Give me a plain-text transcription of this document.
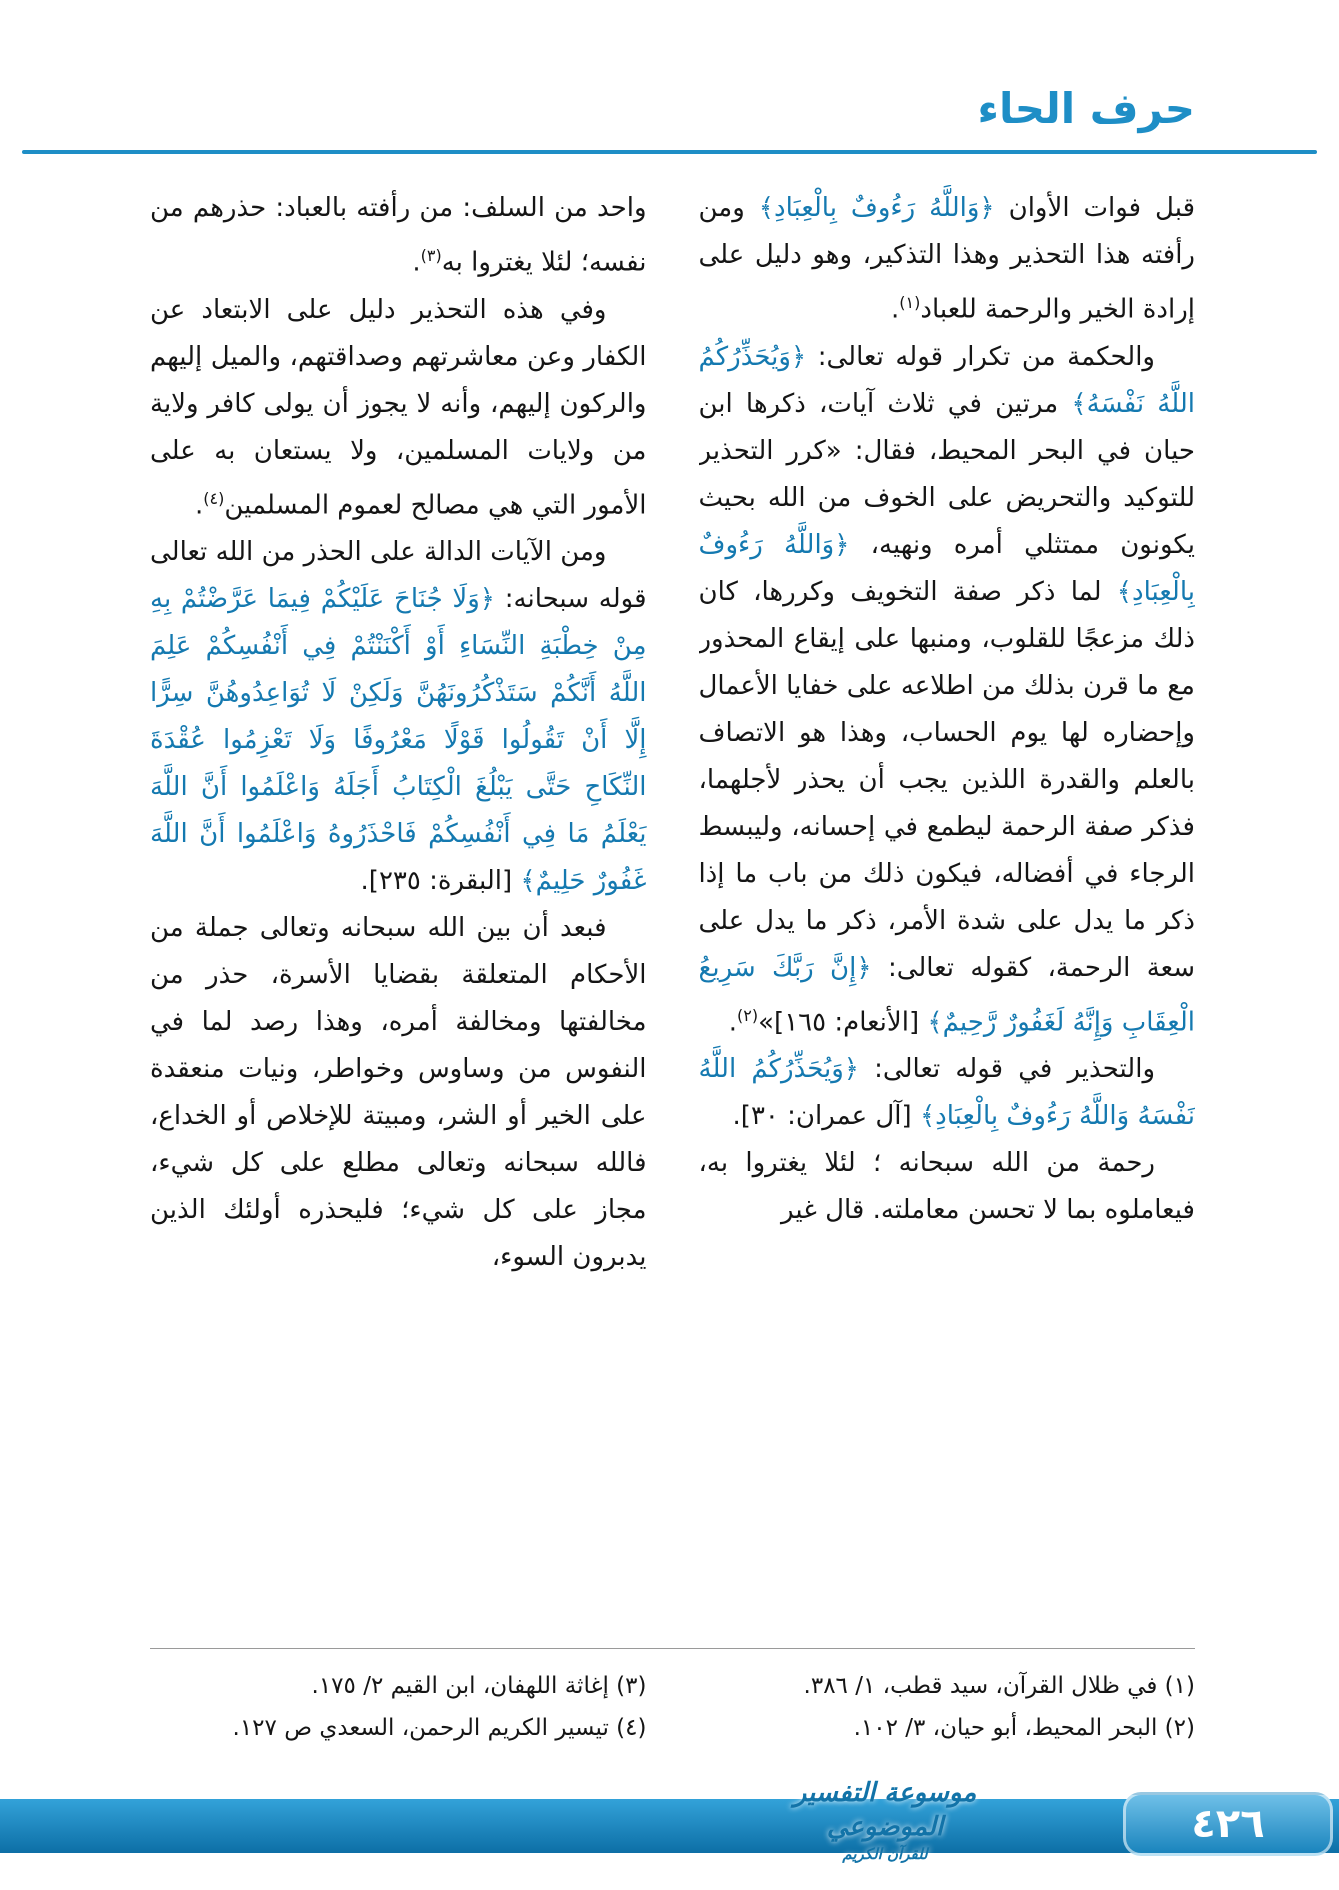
حرف الحاء

قبل فوات الأوان ﴿وَاللَّهُ رَءُوفٌ بِالْعِبَادِ﴾ ومن رأفته هذا التحذير وهذا التذكير، وهو دليل على إرادة الخير والرحمة للعباد$^{(١)}$.

والحكمة من تكرار قوله تعالى: ﴿وَيُحَذِّرُكُمُ اللَّهُ نَفْسَهُ﴾ مرتين في ثلاث آيات، ذكرها ابن حيان في البحر المحيط، فقال: «كرر التحذير للتوكيد والتحريض على الخوف من الله بحيث يكونون ممتثلي أمره ونهيه، ﴿وَاللَّهُ رَءُوفٌ بِالْعِبَادِ﴾ لما ذكر صفة التخويف وكررها، كان ذلك مزعجًا للقلوب، ومنبها على إيقاع المحذور مع ما قرن بذلك من اطلاعه على خفايا الأعمال وإحضاره لها يوم الحساب، وهذا هو الاتصاف بالعلم والقدرة اللذين يجب أن يحذر لأجلهما، فذكر صفة الرحمة ليطمع في إحسانه، وليبسط الرجاء في أفضاله، فيكون ذلك من باب ما إذا ذكر ما يدل على شدة الأمر، ذكر ما يدل على سعة الرحمة، كقوله تعالى: ﴿إِنَّ رَبَّكَ سَرِيعُ الْعِقَابِ وَإِنَّهُ لَغَفُورٌ رَّحِيمٌ﴾ [الأنعام: ١٦٥]»$^{(٢)}$.

والتحذير في قوله تعالى: ﴿وَيُحَذِّرُكُمُ اللَّهُ نَفْسَهُ وَاللَّهُ رَءُوفٌ بِالْعِبَادِ﴾ [آل عمران: ٣٠].

رحمة من الله سبحانه ؛ لئلا يغتروا به، فيعاملوه بما لا تحسن معاملته. قال غير

واحد من السلف: من رأفته بالعباد: حذرهم من نفسه؛ لئلا يغتروا به$^{(٣)}$.

وفي هذه التحذير دليل على الابتعاد عن الكفار وعن معاشرتهم وصداقتهم، والميل إليهم والركون إليهم، وأنه لا يجوز أن يولى كافر ولاية من ولايات المسلمين، ولا يستعان به على الأمور التي هي مصالح لعموم المسلمين$^{(٤)}$.

ومن الآيات الدالة على الحذر من الله تعالى قوله سبحانه: ﴿وَلَا جُنَاحَ عَلَيْكُمْ فِيمَا عَرَّضْتُمْ بِهِ مِنْ خِطْبَةِ النِّسَاءِ أَوْ أَكْنَنْتُمْ فِي أَنْفُسِكُمْ عَلِمَ اللَّهُ أَنَّكُمْ سَتَذْكُرُونَهُنَّ وَلَكِنْ لَا تُوَاعِدُوهُنَّ سِرًّا إِلَّا أَنْ تَقُولُوا قَوْلًا مَعْرُوفًا وَلَا تَعْزِمُوا عُقْدَةَ النِّكَاحِ حَتَّى يَبْلُغَ الْكِتَابُ أَجَلَهُ وَاعْلَمُوا أَنَّ اللَّهَ يَعْلَمُ مَا فِي أَنْفُسِكُمْ فَاحْذَرُوهُ وَاعْلَمُوا أَنَّ اللَّهَ غَفُورٌ حَلِيمٌ﴾ [البقرة: ٢٣٥].

فبعد أن بين الله سبحانه وتعالى جملة من الأحكام المتعلقة بقضايا الأسرة، حذر من مخالفتها ومخالفة أمره، وهذا رصد لما في النفوس من وساوس وخواطر، ونيات منعقدة على الخير أو الشر، ومبيتة للإخلاص أو الخداع، فالله سبحانه وتعالى مطلع على كل شيء، مجاز على كل شيء؛ فليحذره أولئك الذين يدبرون السوء،

(١) في ظلال القرآن، سيد قطب، ١/ ٣٨٦.

(٢) البحر المحيط، أبو حيان، ٣/ ١٠٢.

(٣) إغاثة اللهفان، ابن القيم ٢/ ١٧٥.

(٤) تيسير الكريم الرحمن، السعدي ص ١٢٧.

موسوعة التفسير الموضوعي
للقرآن الكريم
٤٢٦
